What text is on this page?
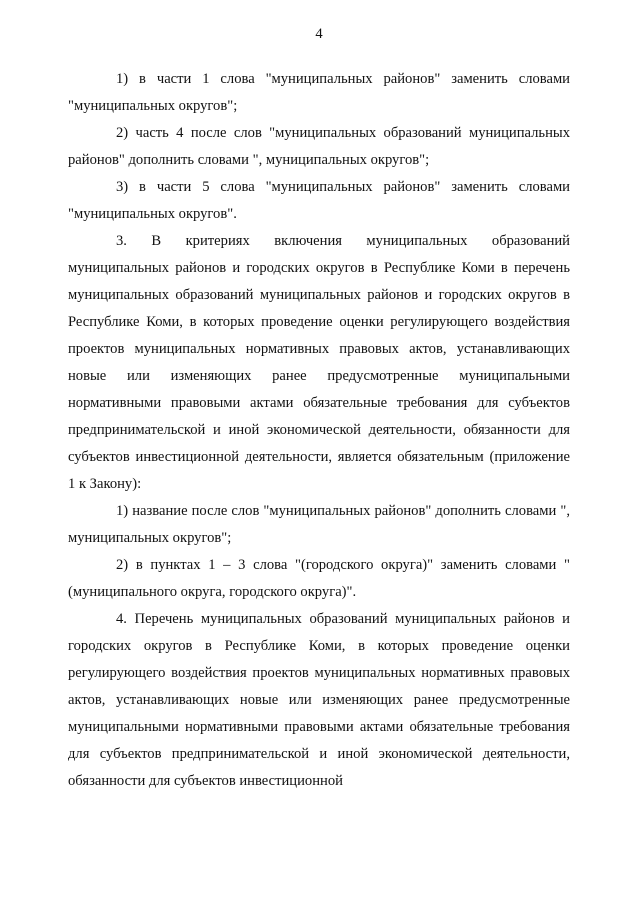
4

1) в части 1 слова "муниципальных районов" заменить словами "муниципальных округов";

2) часть 4 после слов "муниципальных образований муниципальных районов" дополнить словами ", муниципальных округов";

3) в части 5 слова "муниципальных районов" заменить словами "муниципальных округов".

3. В критериях включения муниципальных образований муниципальных районов и городских округов в Республике Коми в перечень муниципальных образований муниципальных районов и городских округов в Республике Коми, в которых проведение оценки регулирующего воздействия проектов муниципальных нормативных правовых актов, устанавливающих новые или изменяющих ранее предусмотренные муниципальными нормативными правовыми актами обязательные требования для субъектов предпринимательской и иной экономической деятельности, обязанности для субъектов инвестиционной деятельности, является обязательным (приложение 1 к Закону):

1) название после слов "муниципальных районов" дополнить словами ", муниципальных округов";

2) в пунктах 1 – 3 слова "(городского округа)" заменить словами "(муниципального округа, городского округа)".

4. Перечень муниципальных образований муниципальных районов и городских округов в Республике Коми, в которых проведение оценки регулирующего воздействия проектов муниципальных нормативных правовых актов, устанавливающих новые или изменяющих ранее предусмотренные муниципальными нормативными правовыми актами обязательные требования для субъектов предпринимательской и иной экономической деятельности, обязанности для субъектов инвестиционной
